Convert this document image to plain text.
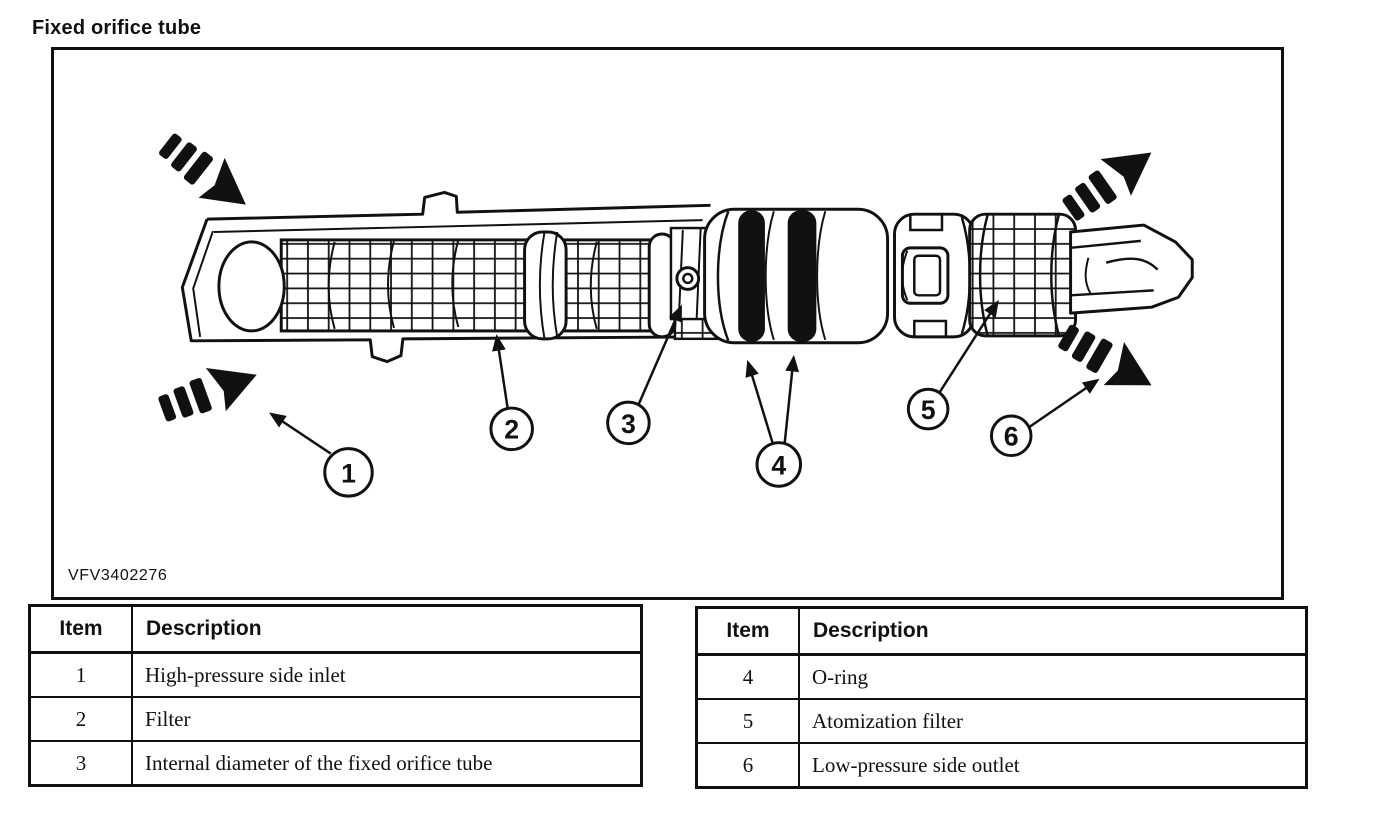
Fixed orifice tube
1
2	3
4
5
6
VFV3402276
Item	Description
1	High-pressure side inlet
2	Filter
3	Internal diameter of the fixed orifice tube
Item	Description
4	O-ring
5	Atomization filter
6	Low-pressure side outlet
